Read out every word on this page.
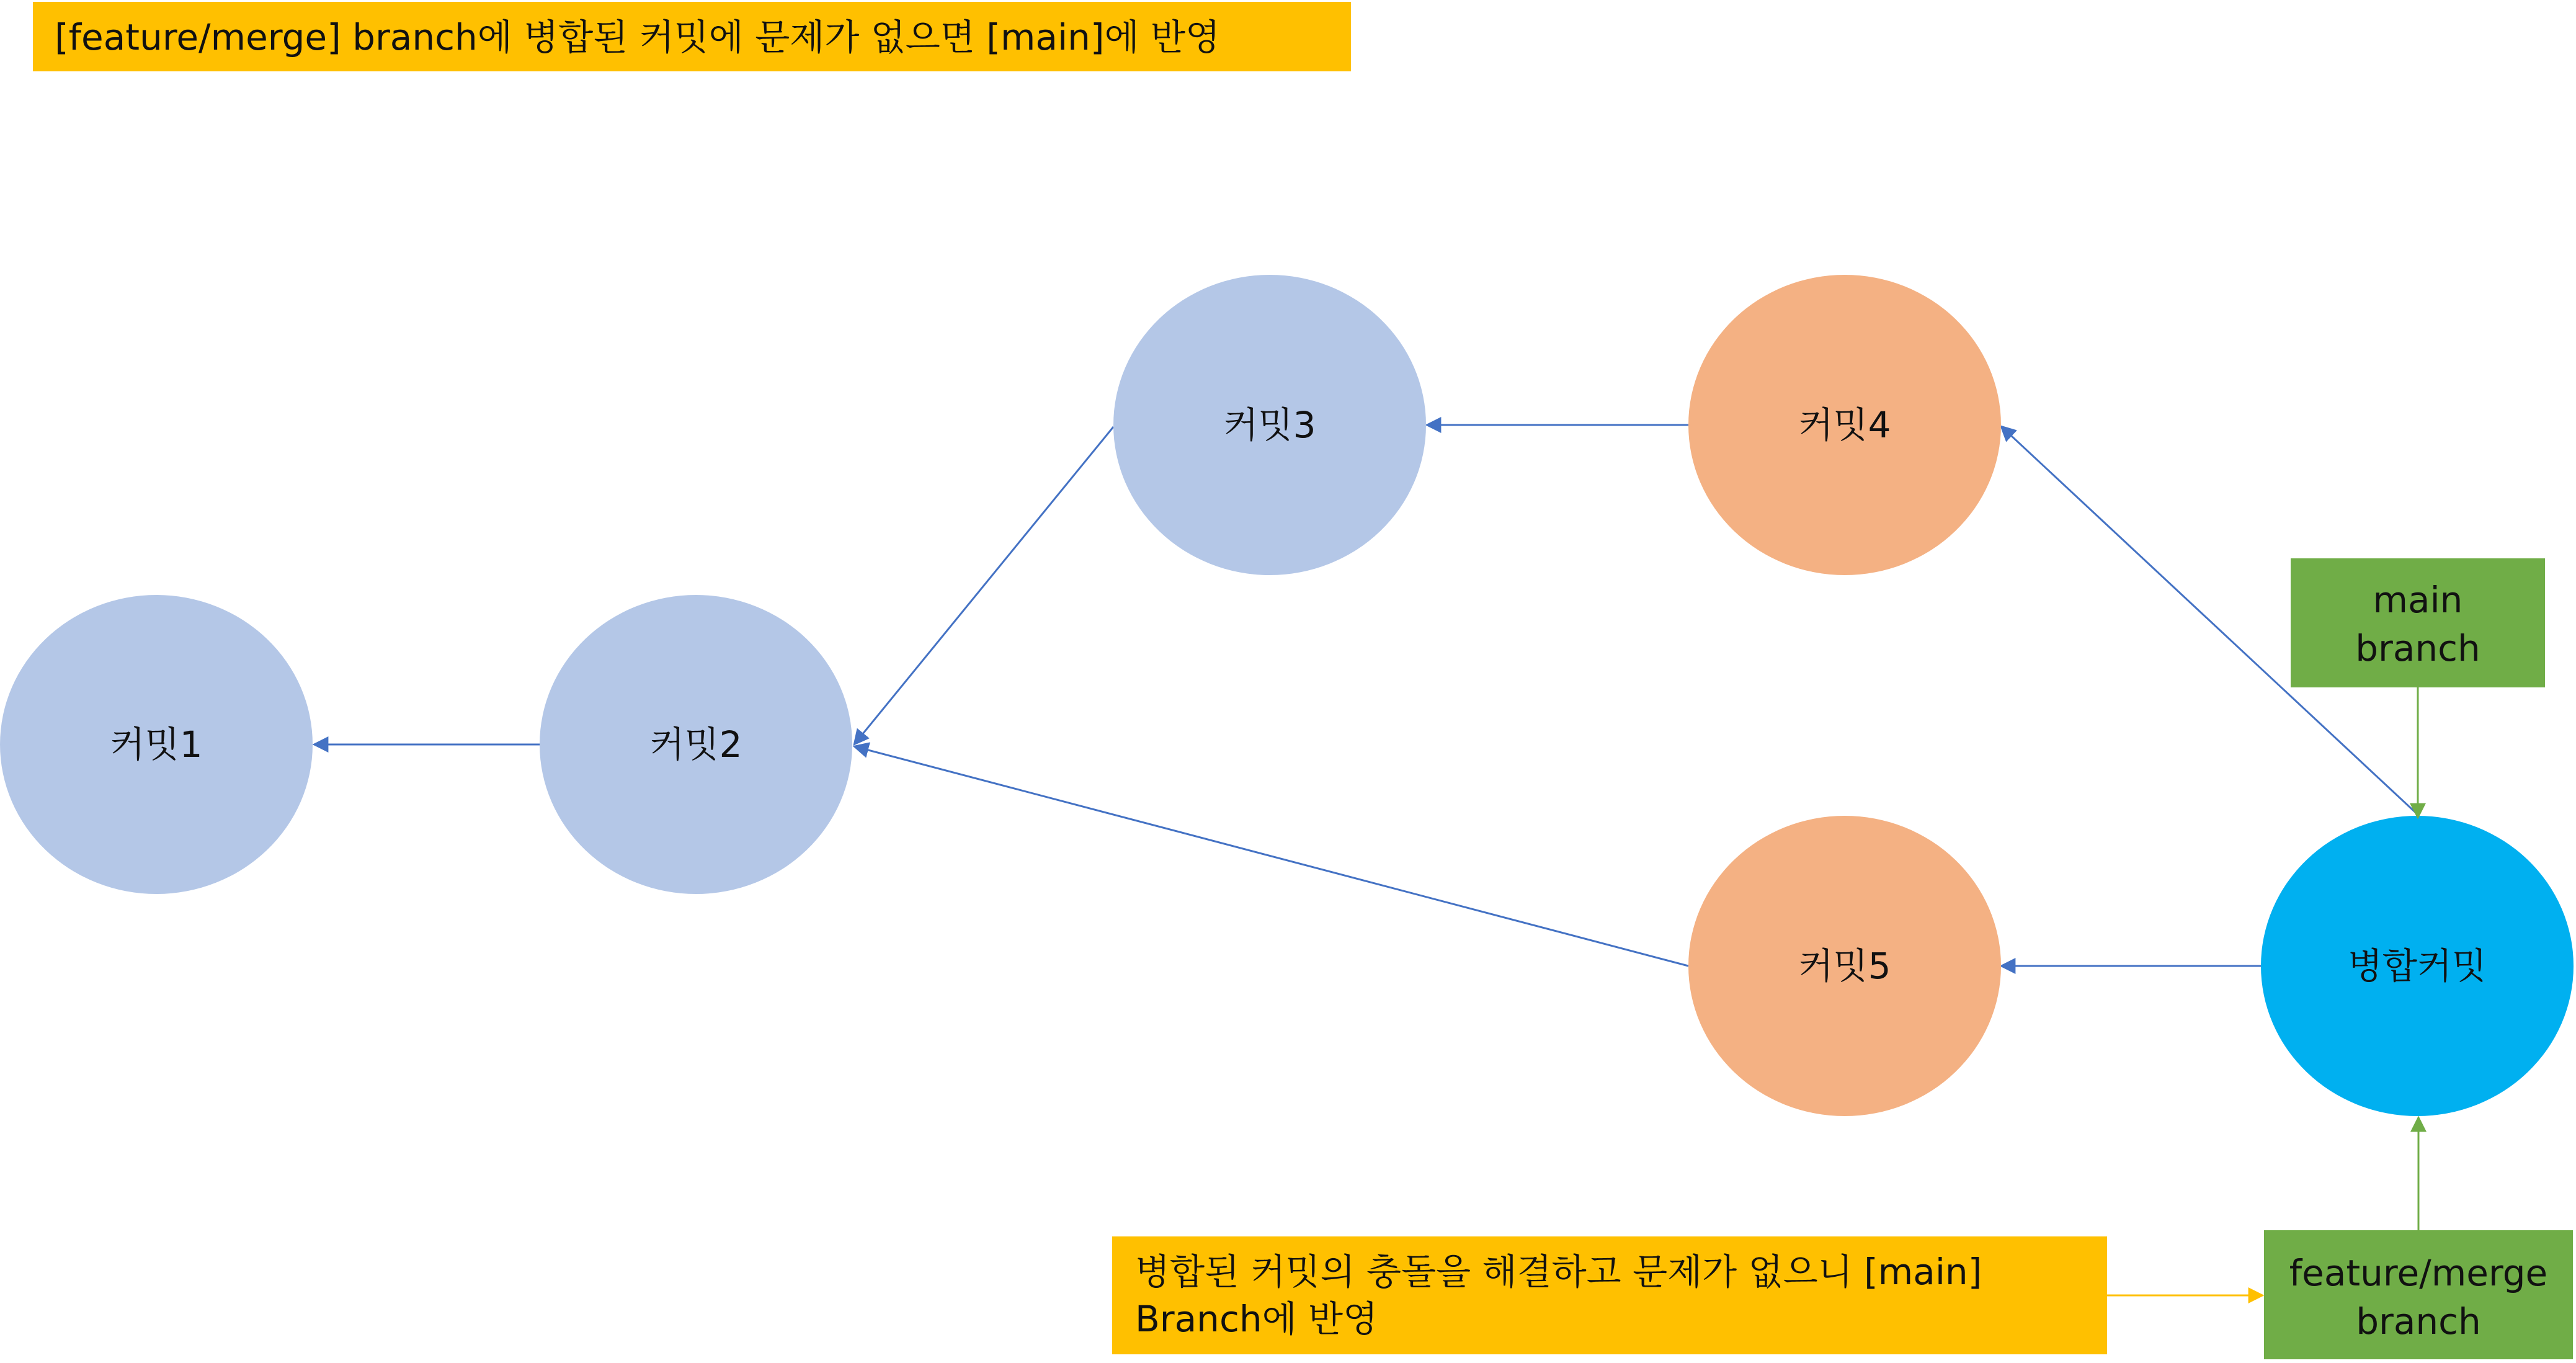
[feature/merge] branch에 병합된 커밋에 문제가 없으면 [main]에 반영
커밋1	커밋2
커밋3	커밋4
커밋5	병합커밋
main
branch
feature/merge
branch
병합된 커밋의 충돌을 해결하고 문제가 없으니 [main]
Branch에 반영
